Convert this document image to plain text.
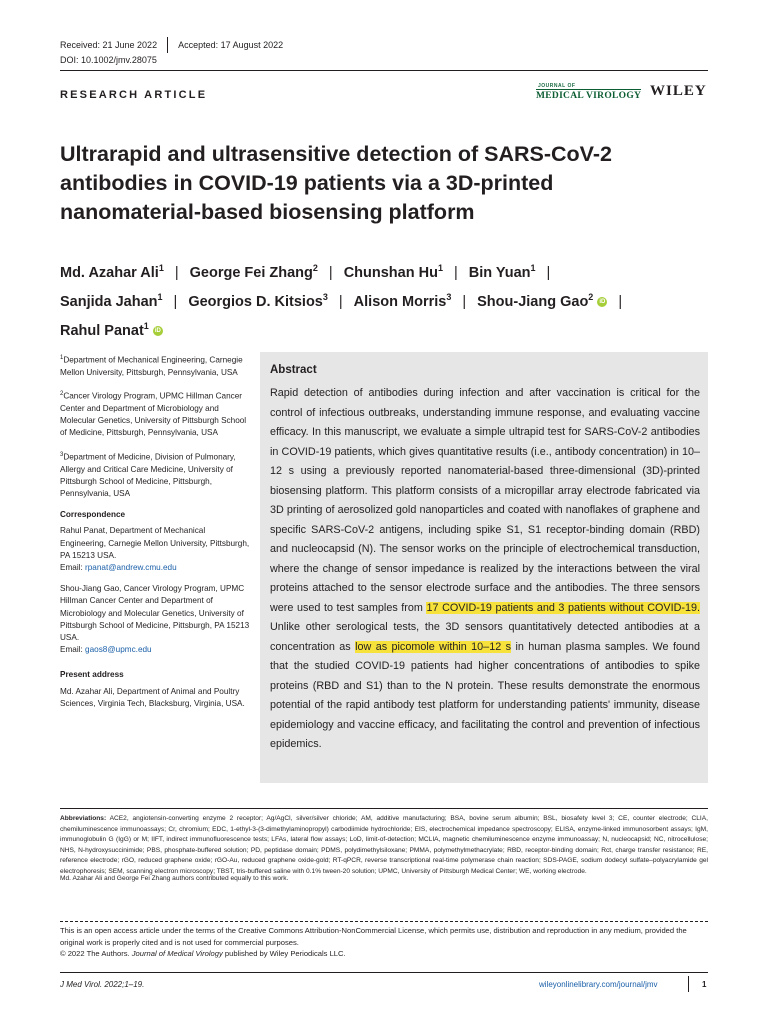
Received: 21 June 2022 Accepted: 17 August 2022
DOI: 10.1002/jmv.28075
RESEARCH ARTICLE
JOURNAL OF
MEDICAL VIROLOGY WILEY
Ultrarapid and ultrasensitive detection of SARS-CoV-2 antibodies in COVID-19 patients via a 3D-printed nanomaterial-based biosensing platform
Md. Azahar Ali$^1$ | George Fei Zhang$^2$ | Chunshan Hu$^1$ | Bin Yuan$^1$ |
Sanjida Jahan$^1$ | Georgios D. Kitsios$^3$ | Alison Morris$^3$ | Shou-Jiang Gao$^2$ iD |
Rahul Panat$^1$ iD

$^1$Department of Mechanical Engineering, Carnegie Mellon University, Pittsburgh, Pennsylvania, USA

$^2$Cancer Virology Program, UPMC Hillman Cancer Center and Department of Microbiology and Molecular Genetics, University of Pittsburgh School of Medicine, Pittsburgh, Pennsylvania, USA

$^3$Department of Medicine, Division of Pulmonary, Allergy and Critical Care Medicine, University of Pittsburgh School of Medicine, Pittsburgh, Pennsylvania, USA

Correspondence

Rahul Panat, Department of Mechanical Engineering, Carnegie Mellon University, Pittsburgh, PA 15213 USA.
Email: rpanat@andrew.cmu.edu

Shou-Jiang Gao, Cancer Virology Program, UPMC Hillman Cancer Center and Department of Microbiology and Molecular Genetics, University of Pittsburgh School of Medicine, Pittsburgh, PA 15213 USA.
Email: gaos8@upmc.edu

Present address

Md. Azahar Ali, Department of Animal and Poultry Sciences, Virginia Tech, Blacksburg, Virginia, USA.

Abstract
Rapid detection of antibodies during infection and after vaccination is critical for the control of infectious outbreaks, understanding immune response, and evaluating vaccine efficacy. In this manuscript, we evaluate a simple ultrapid test for SARS-CoV-2 antibodies in COVID-19 patients, which gives quantitative results (i.e., antibody concentration) in 10–12 s using a previously reported nanomaterial-based three-dimensional (3D)-printed biosensing platform. This platform consists of a micropillar array electrode fabricated via 3D printing of aerosolized gold nanoparticles and coated with nanoflakes of graphene and specific SARS-CoV-2 antigens, including spike S1, S1 receptor-binding domain (RBD) and nucleocapsid (N). The sensor works on the principle of electrochemical transduction, where the change of sensor impedance is realized by the interactions between the viral proteins attached to the sensor electrode surface and the antibodies. The three sensors were used to test samples from 17 COVID-19 patients and 3 patients without COVID-19. Unlike other serological tests, the 3D sensors quantitatively detected antibodies at a concentration as low as picomole within 10–12 s in human plasma samples. We found that the studied COVID-19 patients had higher concentrations of antibodies to spike proteins (RBD and S1) than to the N protein. These results demonstrate the enormous potential of the rapid antibody test platform for understanding patients' immunity, disease epidemiology and vaccine efficacy, and facilitating the control and prevention of infectious epidemics.
Abbreviations: ACE2, angiotensin-converting enzyme 2 receptor; Ag/AgCl, silver/silver chloride; AM, additive manufacturing; BSA, bovine serum albumin; BSL, biosafety level 3; CE, counter electrode; CLIA, chemiluminescence immunoassays; Cr, chromium; EDC, 1-ethyl-3-(3-dimethylaminopropyl) carbodiimide hydrochloride; EIS, electrochemical impedance spectroscopy; ELISA, enzyme-linked immunosorbent assays; IgM, immunoglobulin G (IgG) or M; IIFT, indirect immunofluorescence tests; LFAs, lateral flow assays; LoD, limit-of-detection; MCLIA, magnetic chemiluminescence enzyme immunoassay; N, nucleocapsid; NC, nitrocellulose; NHS, N-hydroxysuccinimide; PBS, phosphate-buffered solution; PD, peptidase domain; PDMS, polydimethylsiloxane; PMMA, polymethylmethacrylate; RBD, receptor-binding domain; Rct, charge transfer resistance; RE, reference electrode; rGO, reduced graphene oxide; rGO-Au, reduced graphene oxide-gold; RT-qPCR, reverse transcriptional real-time polymerase chain reaction; SDS-PAGE, sodium dodecyl sulfate–polyacrylamide gel electrophoresis; SEM, scanning electron microscopy; TBST, tris-buffered saline with 0.1% tween-20 solution; UPMC, University of Pittsburgh Medical Center; WE, working electrode.
Md. Azahar Ali and George Fei Zhang authors contributed equally to this work.
This is an open access article under the terms of the Creative Commons Attribution-NonCommercial License, which permits use, distribution and reproduction in any medium, provided the original work is properly cited and is not used for commercial purposes.
© 2022 The Authors. Journal of Medical Virology published by Wiley Periodicals LLC.
J Med Virol. 2022;1–19.	wileyonlinelibrary.com/journal/jmv	1
